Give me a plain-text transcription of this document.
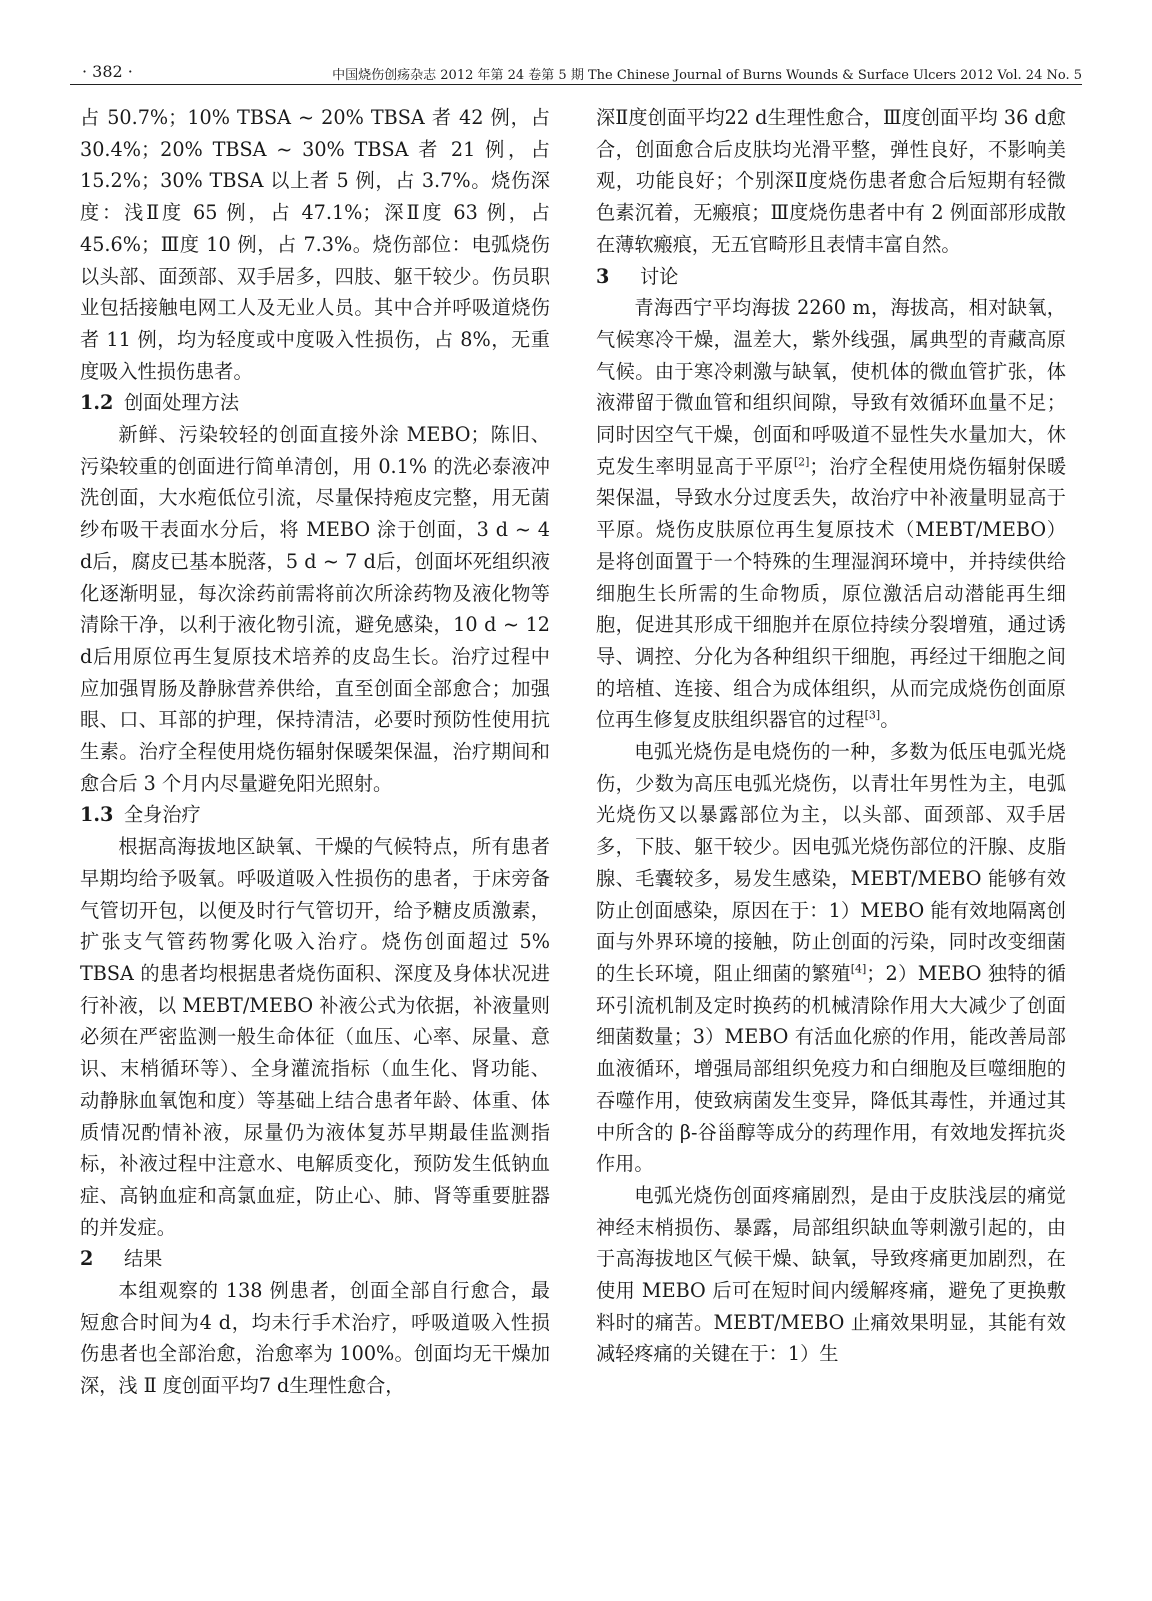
· 382 ·	中国烧伤创疡杂志 2012 年第 24 卷第 5 期 The Chinese Journal of Burns Wounds & Surface Ulcers 2012 Vol. 24 No. 5

占 50.7%；10% TBSA ~ 20% TBSA 者 42 例，占 30.4%；20% TBSA ~ 30% TBSA 者 21 例，占 15.2%；30% TBSA 以上者 5 例，占 3.7%。烧伤深度：浅Ⅱ度 65 例，占 47.1%；深Ⅱ度 63 例，占 45.6%；Ⅲ度 10 例，占 7.3%。烧伤部位：电弧烧伤以头部、面颈部、双手居多，四肢、躯干较少。伤员职业包括接触电网工人及无业人员。其中合并呼吸道烧伤者 11 例，均为轻度或中度吸入性损伤，占 8%，无重度吸入性损伤患者。

1.2 创面处理方法

新鲜、污染较轻的创面直接外涂 MEBO；陈旧、污染较重的创面进行简单清创，用 0.1% 的洗必泰液冲洗创面，大水疱低位引流，尽量保持疱皮完整，用无菌纱布吸干表面水分后，将 MEBO 涂于创面，3 d ~ 4 d后，腐皮已基本脱落，5 d ~ 7 d后，创面坏死组织液化逐渐明显，每次涂药前需将前次所涂药物及液化物等清除干净，以利于液化物引流，避免感染，10 d ~ 12 d后用原位再生复原技术培养的皮岛生长。治疗过程中应加强胃肠及静脉营养供给，直至创面全部愈合；加强眼、口、耳部的护理，保持清洁，必要时预防性使用抗生素。治疗全程使用烧伤辐射保暖架保温，治疗期间和愈合后 3 个月内尽量避免阳光照射。

1.3 全身治疗

根据高海拔地区缺氧、干燥的气候特点，所有患者早期均给予吸氧。呼吸道吸入性损伤的患者，于床旁备气管切开包，以便及时行气管切开，给予糖皮质激素，扩张支气管药物雾化吸入治疗。烧伤创面超过 5% TBSA 的患者均根据患者烧伤面积、深度及身体状况进行补液，以 MEBT/MEBO 补液公式为依据，补液量则必须在严密监测一般生命体征（血压、心率、尿量、意识、末梢循环等）、全身灌流指标（血生化、肾功能、动静脉血氧饱和度）等基础上结合患者年龄、体重、体质情况酌情补液，尿量仍为液体复苏早期最佳监测指标，补液过程中注意水、电解质变化，预防发生低钠血症、高钠血症和高氯血症，防止心、肺、肾等重要脏器的并发症。

2 结果

本组观察的 138 例患者，创面全部自行愈合，最短愈合时间为4 d，均未行手术治疗，呼吸道吸入性损伤患者也全部治愈，治愈率为 100%。创面均无干燥加深，浅 Ⅱ 度创面平均7 d生理性愈合，

深Ⅱ度创面平均22 d生理性愈合，Ⅲ度创面平均 36 d愈合，创面愈合后皮肤均光滑平整，弹性良好，不影响美观，功能良好；个别深Ⅱ度烧伤患者愈合后短期有轻微色素沉着，无瘢痕；Ⅲ度烧伤患者中有 2 例面部形成散在薄软瘢痕，无五官畸形且表情丰富自然。

3 讨论

青海西宁平均海拔 2260 m，海拔高，相对缺氧，气候寒冷干燥，温差大，紫外线强，属典型的青藏高原气候。由于寒冷刺激与缺氧，使机体的微血管扩张，体液滞留于微血管和组织间隙，导致有效循环血量不足；同时因空气干燥，创面和呼吸道不显性失水量加大，休克发生率明显高于平原[2]；治疗全程使用烧伤辐射保暖架保温，导致水分过度丢失，故治疗中补液量明显高于平原。烧伤皮肤原位再生复原技术（MEBT/MEBO）是将创面置于一个特殊的生理湿润环境中，并持续供给细胞生长所需的生命物质，原位激活启动潜能再生细胞，促进其形成干细胞并在原位持续分裂增殖，通过诱导、调控、分化为各种组织干细胞，再经过干细胞之间的培植、连接、组合为成体组织，从而完成烧伤创面原位再生修复皮肤组织器官的过程[3]。

电弧光烧伤是电烧伤的一种，多数为低压电弧光烧伤，少数为高压电弧光烧伤，以青壮年男性为主，电弧光烧伤又以暴露部位为主，以头部、面颈部、双手居多，下肢、躯干较少。因电弧光烧伤部位的汗腺、皮脂腺、毛囊较多，易发生感染，MEBT/MEBO 能够有效防止创面感染，原因在于：1）MEBO 能有效地隔离创面与外界环境的接触，防止创面的污染，同时改变细菌的生长环境，阻止细菌的繁殖[4]；2）MEBO 独特的循环引流机制及定时换药的机械清除作用大大减少了创面细菌数量；3）MEBO 有活血化瘀的作用，能改善局部血液循环，增强局部组织免疫力和白细胞及巨噬细胞的吞噬作用，使致病菌发生变异，降低其毒性，并通过其中所含的 β-谷甾醇等成分的药理作用，有效地发挥抗炎作用。

电弧光烧伤创面疼痛剧烈，是由于皮肤浅层的痛觉神经末梢损伤、暴露，局部组织缺血等刺激引起的，由于高海拔地区气候干燥、缺氧，导致疼痛更加剧烈，在使用 MEBO 后可在短时间内缓解疼痛，避免了更换敷料时的痛苦。MEBT/MEBO 止痛效果明显，其能有效减轻疼痛的关键在于：1）生
